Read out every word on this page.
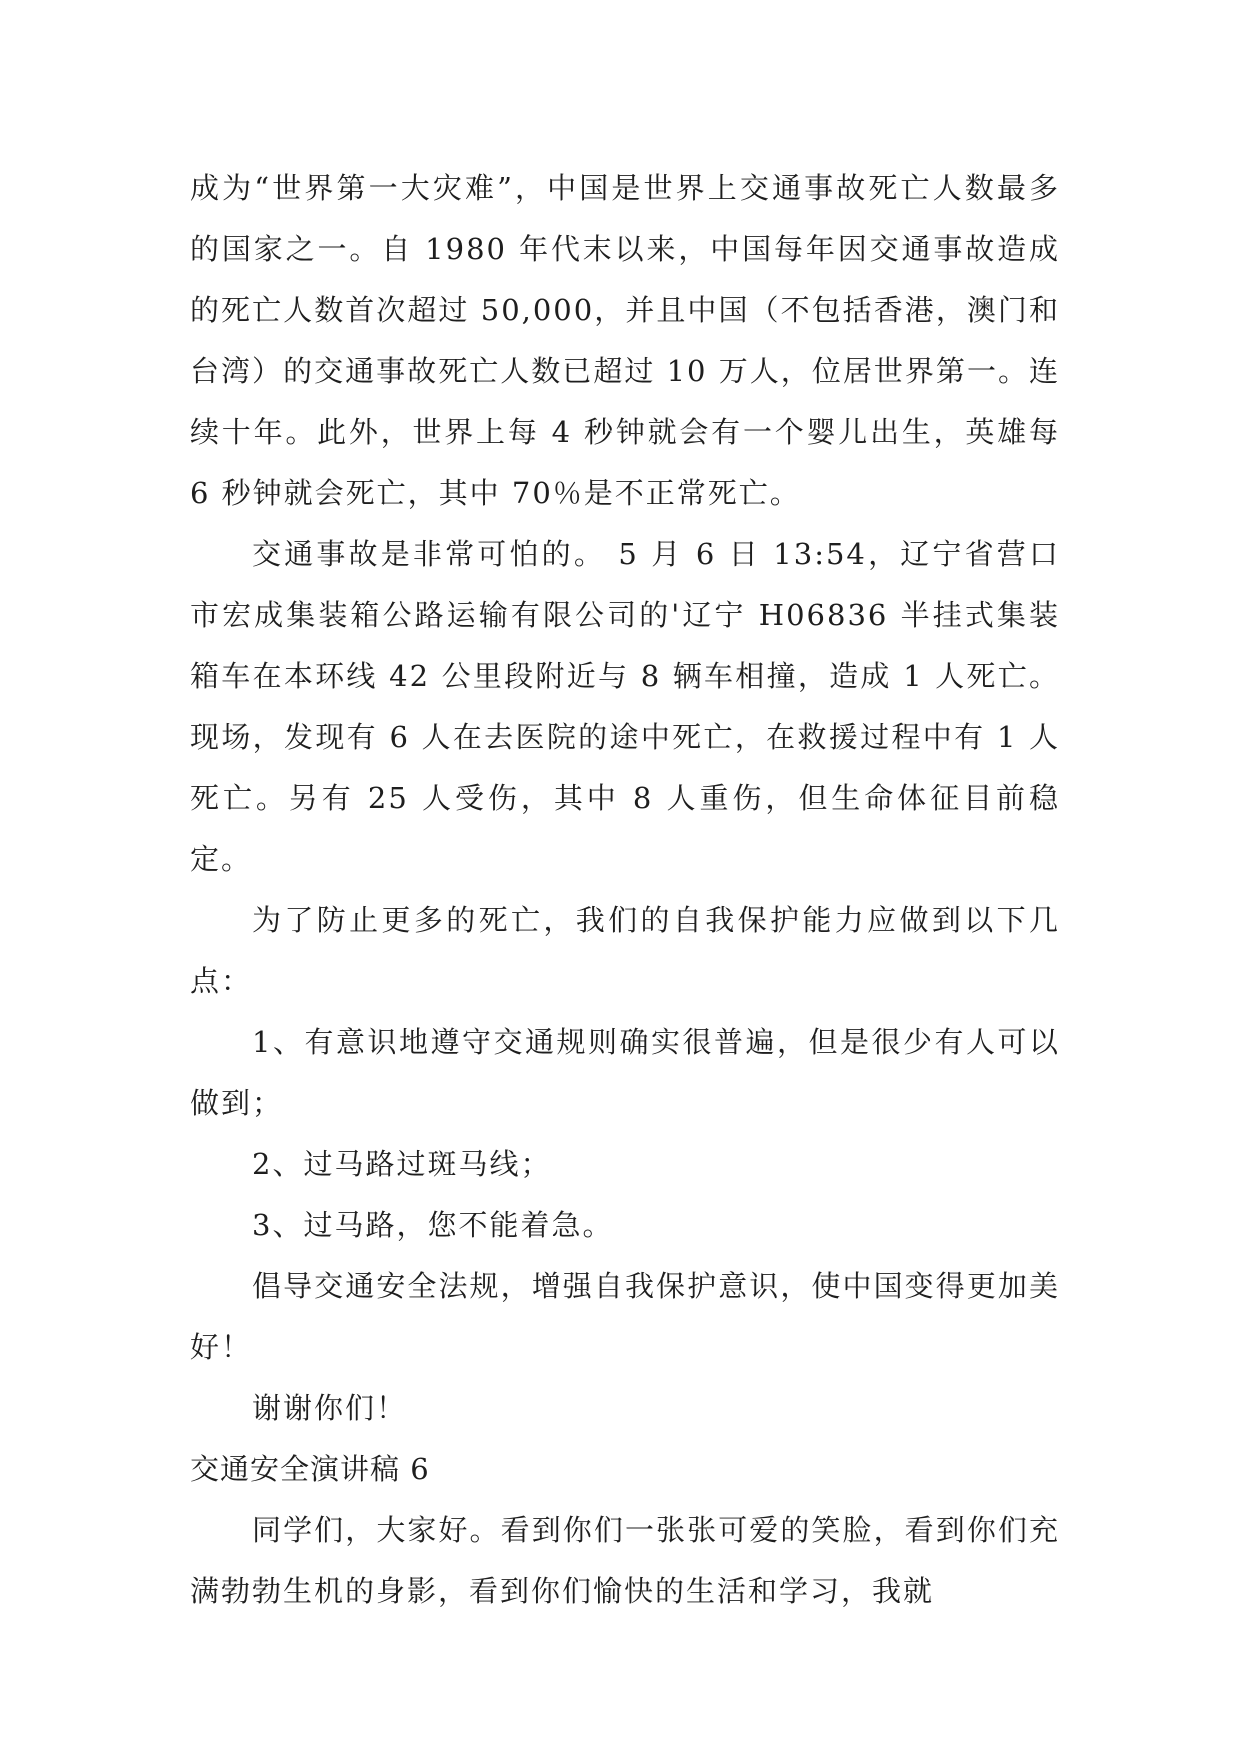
成为“世界第一大灾难”，中国是世界上交通事故死亡人数最多的国家之一。自 1980 年代末以来，中国每年因交通事故造成的死亡人数首次超过 50,000，并且中国（不包括香港，澳门和台湾）的交通事故死亡人数已超过 10 万人，位居世界第一。连续十年。此外，世界上每 4 秒钟就会有一个婴儿出生，英雄每 6 秒钟就会死亡，其中 70％是不正常死亡。

交通事故是非常可怕的。 5 月 6 日 13:54，辽宁省营口市宏成集装箱公路运输有限公司的'辽宁 H06836 半挂式集装箱车在本环线 42 公里段附近与 8 辆车相撞，造成 1 人死亡。现场，发现有 6 人在去医院的途中死亡，在救援过程中有 1 人死亡。另有 25 人受伤，其中 8 人重伤，但生命体征目前稳定。

为了防止更多的死亡，我们的自我保护能力应做到以下几点：

1、有意识地遵守交通规则确实很普遍，但是很少有人可以做到；

2、过马路过斑马线；

3、过马路，您不能着急。

倡导交通安全法规，增强自我保护意识，使中国变得更加美好！

谢谢你们！

交通安全演讲稿 6

同学们，大家好。看到你们一张张可爱的笑脸，看到你们充满勃勃生机的身影，看到你们愉快的生活和学习，我就
